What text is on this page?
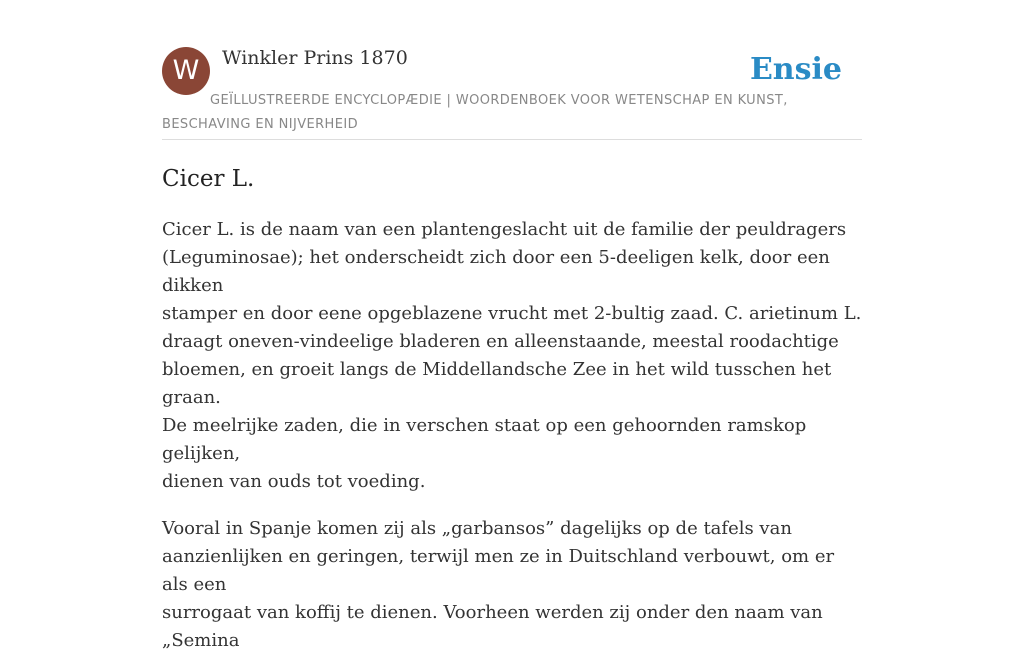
W	Winkler Prins 1870	Ensie
GEÏLLUSTREERDE ENCYCLOPÆDIE | WOORDENBOEK VOOR WETENSCHAP EN KUNST, BESCHAVING EN NIJVERHEID
Cicer L.

Cicer L. is de naam van een plantengeslacht uit de familie der peuldragers
(Leguminosae); het onderscheidt zich door een 5-deeligen kelk, door een dikken
stamper en door eene opgeblazene vrucht met 2-bultig zaad. C. arietinum L.
draagt oneven-vindeelige bladeren en alleenstaande, meestal roodachtige
bloemen, en groeit langs de Middellandsche Zee in het wild tusschen het graan.
De meelrijke zaden, die in verschen staat op een gehoornden ramskop gelijken,
dienen van ouds tot voeding.

Vooral in Spanje komen zij als „garbansos” dagelijks op de tafels van
aanzienlijken en geringen, terwijl men ze in Duitschland verbouwt, om er als een
surrogaat van koffij te dienen. Voorheen werden zij onder den naam van „Semina
